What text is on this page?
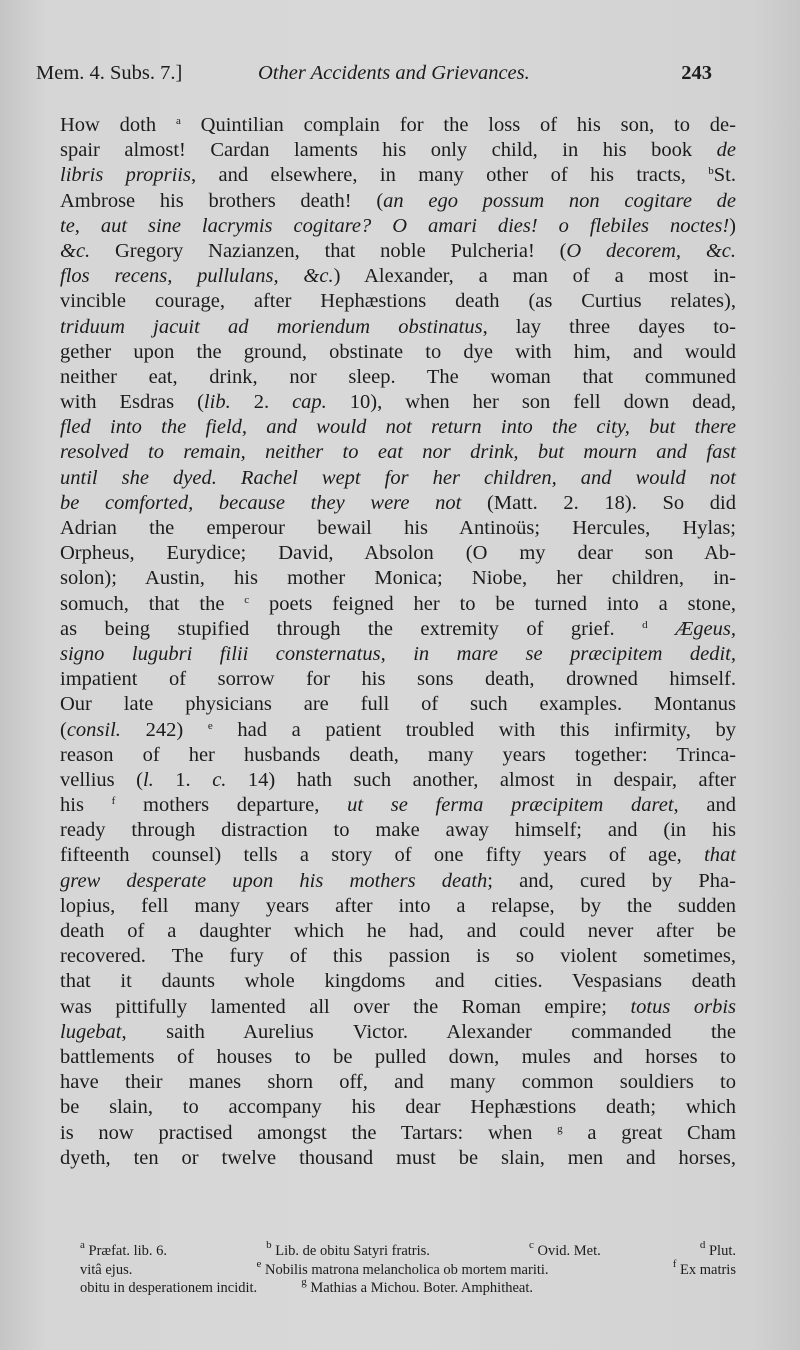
Mem. 4. Subs. 7.]	Other Accidents and Grievances.	243
How doth $^a$ Quintilian complain for the loss of his son, to de-
spair almost! Cardan laments his only child, in his book de
libris propriis, and elsewhere, in many other of his tracts, $^b$St.
Ambrose his brothers death! (an ego possum non cogitare de
te, aut sine lacrymis cogitare? O amari dies! o flebiles noctes!)
&c. Gregory Nazianzen, that noble Pulcheria! (O decorem, &c.
flos recens, pullulans, &c.) Alexander, a man of a most in-
vincible courage, after Hephæstions death (as Curtius relates),
triduum jacuit ad moriendum obstinatus, lay three dayes to-
gether upon the ground, obstinate to dye with him, and would
neither eat, drink, nor sleep. The woman that communed
with Esdras (lib. 2. cap. 10), when her son fell down dead,
fled into the field, and would not return into the city, but there
resolved to remain, neither to eat nor drink, but mourn and fast
until she dyed. Rachel wept for her children, and would not
be comforted, because they were not (Matt. 2. 18). So did
Adrian the emperour bewail his Antinoüs; Hercules, Hylas;
Orpheus, Eurydice; David, Absolon (O my dear son Ab-
solon); Austin, his mother Monica; Niobe, her children, in-
somuch, that the $^c$ poets feigned her to be turned into a stone,
as being stupified through the extremity of grief. $^d$ Ægeus,
signo lugubri filii consternatus, in mare se præcipitem dedit,
impatient of sorrow for his sons death, drowned himself.
Our late physicians are full of such examples. Montanus
(consil. 242) $^e$ had a patient troubled with this infirmity, by
reason of her husbands death, many years together: Trinca-
vellius (l. 1. c. 14) hath such another, almost in despair, after
his $^f$ mothers departure, ut se ferma præcipitem daret, and
ready through distraction to make away himself; and (in his
fifteenth counsel) tells a story of one fifty years of age, that
grew desperate upon his mothers death; and, cured by Pha-
lopius, fell many years after into a relapse, by the sudden
death of a daughter which he had, and could never after be
recovered. The fury of this passion is so violent sometimes,
that it daunts whole kingdoms and cities. Vespasians death
was pittifully lamented all over the Roman empire; totus orbis
lugebat, saith Aurelius Victor. Alexander commanded the
battlements of houses to be pulled down, mules and horses to
have their manes shorn off, and many common souldiers to
be slain, to accompany his dear Hephæstions death; which
is now practised amongst the Tartars: when $^g$ a great Cham
dyeth, ten or twelve thousand must be slain, men and horses,
$^a$ Præfat. lib. 6.	$^b$ Lib. de obitu Satyri fratris.	$^c$ Ovid. Met.	$^d$ Plut.
vitâ ejus.	$^e$ Nobilis matrona melancholica ob mortem mariti.	$^f$ Ex matris
obitu in desperationem incidit.	$^g$ Mathias a Michou. Boter. Amphitheat.
